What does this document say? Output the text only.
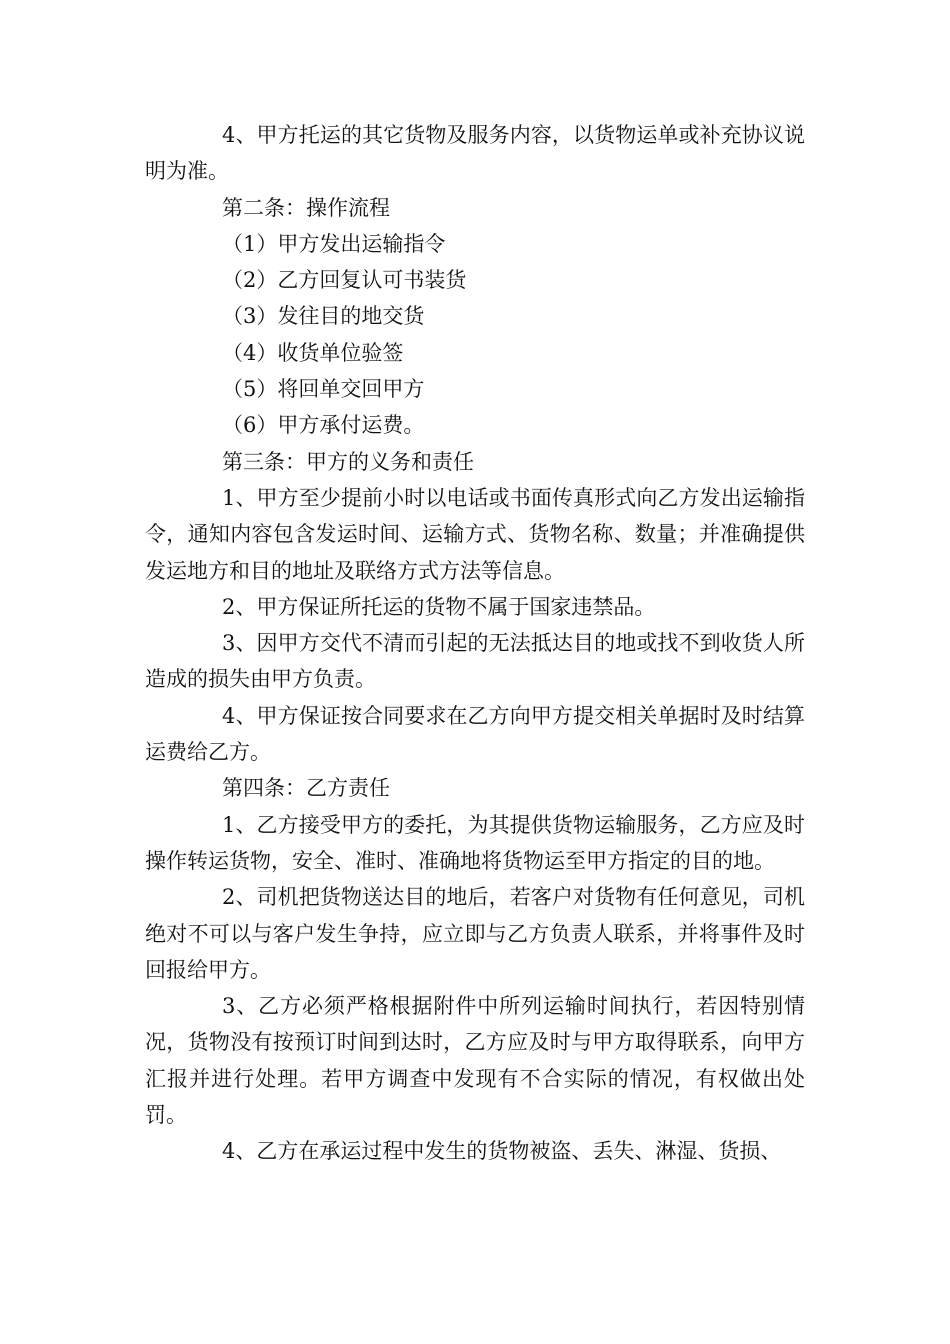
4、甲方托运的其它货物及服务内容，以货物运单或补充协议说明为准。

第二条：操作流程

（1）甲方发出运输指令

（2）乙方回复认可书装货

（3）发往目的地交货

（4）收货单位验签

（5）将回单交回甲方

（6）甲方承付运费。

第三条：甲方的义务和责任

1、甲方至少提前小时以电话或书面传真形式向乙方发出运输指令，通知内容包含发运时间、运输方式、货物名称、数量；并准确提供发运地方和目的地址及联络方式方法等信息。

2、甲方保证所托运的货物不属于国家违禁品。

3、因甲方交代不清而引起的无法抵达目的地或找不到收货人所造成的损失由甲方负责。

4、甲方保证按合同要求在乙方向甲方提交相关单据时及时结算运费给乙方。

第四条：乙方责任

1、乙方接受甲方的委托，为其提供货物运输服务，乙方应及时操作转运货物，安全、准时、准确地将货物运至甲方指定的目的地。

2、司机把货物送达目的地后，若客户对货物有任何意见，司机绝对不可以与客户发生争持，应立即与乙方负责人联系，并将事件及时回报给甲方。

3、乙方必须严格根据附件中所列运输时间执行，若因特别情况，货物没有按预订时间到达时，乙方应及时与甲方取得联系，向甲方汇报并进行处理。若甲方调查中发现有不合实际的情况，有权做出处罚。

4、乙方在承运过程中发生的货物被盗、丢失、淋湿、货损、
